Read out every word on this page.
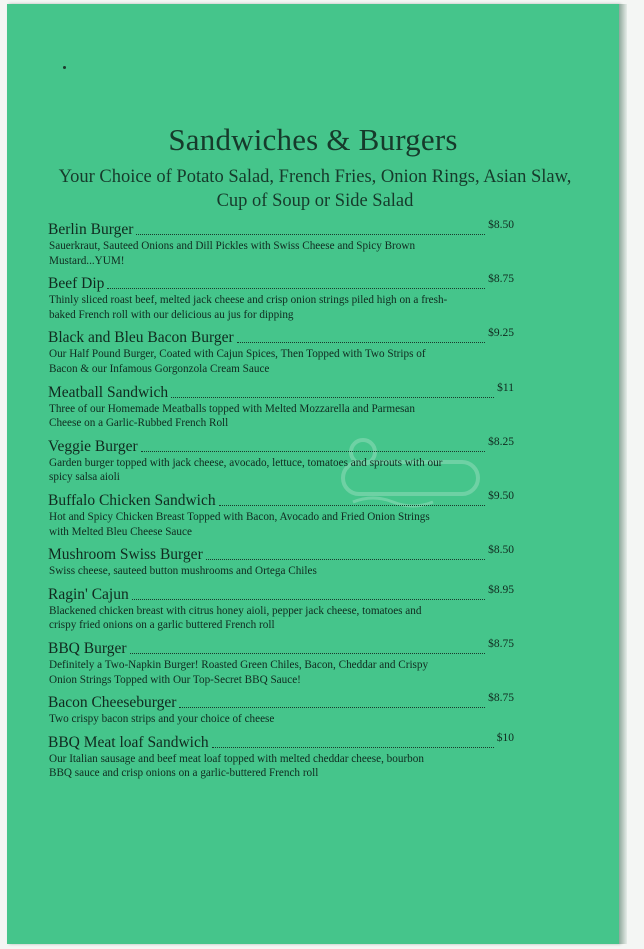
Sandwiches & Burgers
Your Choice of Potato Salad, French Fries, Onion Rings, Asian Slaw, Cup of Soup or Side Salad
Berlin Burger	$8.50
Sauerkraut, Sauteed Onions and Dill Pickles with Swiss Cheese and Spicy Brown Mustard...YUM!
Beef Dip	$8.75
Thinly sliced roast beef, melted jack cheese and crisp onion strings piled high on a fresh-baked French roll with our delicious au jus for dipping
Black and Bleu Bacon Burger	$9.25
Our Half Pound Burger, Coated with Cajun Spices, Then Topped with Two Strips of Bacon & our Infamous Gorgonzola Cream Sauce
Meatball Sandwich	$11
Three of our Homemade Meatballs topped with Melted Mozzarella and Parmesan Cheese on a Garlic-Rubbed French Roll
Veggie Burger	$8.25
Garden burger topped with jack cheese, avocado, lettuce, tomatoes and sprouts with our spicy salsa aioli
Buffalo Chicken Sandwich	$9.50
Hot and Spicy Chicken Breast Topped with Bacon, Avocado and Fried Onion Strings with Melted Bleu Cheese Sauce
Mushroom Swiss Burger	$8.50
Swiss cheese, sauteed button mushrooms and Ortega Chiles
Ragin' Cajun	$8.95
Blackened chicken breast with citrus honey aioli, pepper jack cheese, tomatoes and crispy fried onions on a garlic buttered French roll
BBQ Burger	$8.75
Definitely a Two-Napkin Burger! Roasted Green Chiles, Bacon, Cheddar and Crispy Onion Strings Topped with Our Top-Secret BBQ Sauce!
Bacon Cheeseburger	$8.75
Two crispy bacon strips and your choice of cheese
BBQ Meat loaf Sandwich	$10
Our Italian sausage and beef meat loaf topped with melted cheddar cheese, bourbon BBQ sauce and crisp onions on a garlic-buttered French roll
